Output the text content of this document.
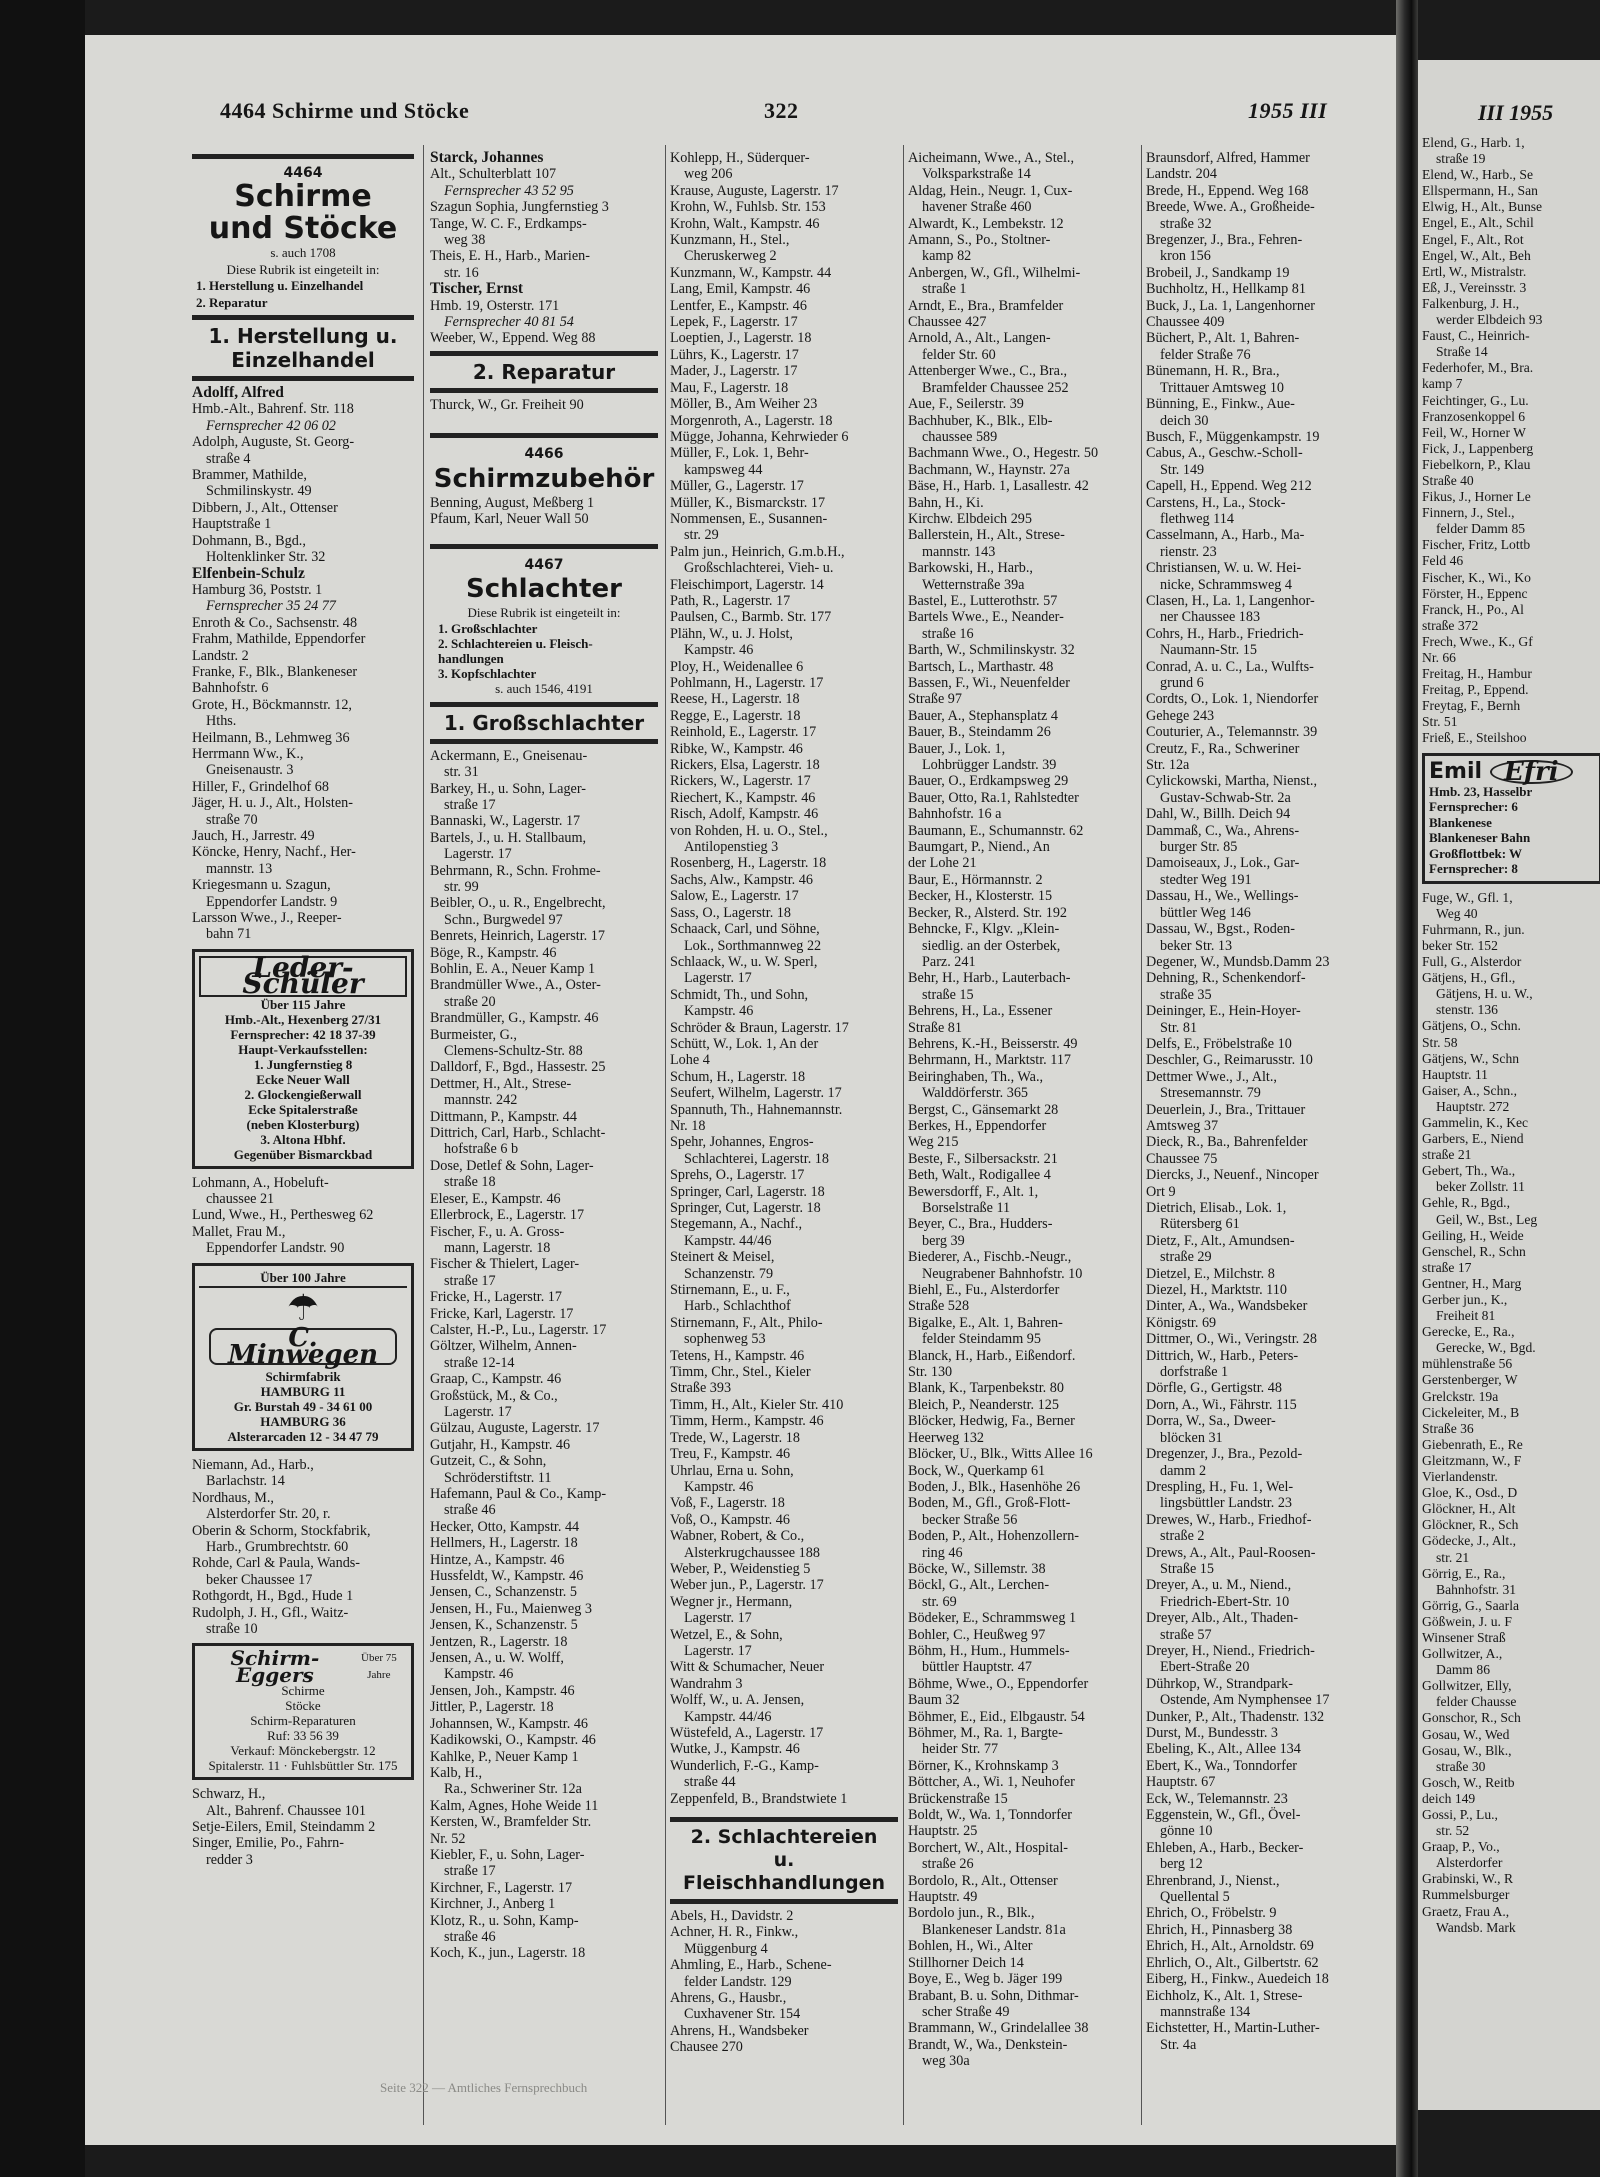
III 1955
Elend, G., Harb. 1,
straße 19
Elend, W., Harb., Se
Ellspermann, H., San
Elwig, H., Alt., Bunse
Engel, E., Alt., Schil
Engel, F., Alt., Rot
Engel, W., Alt., Beh
Ertl, W., Mistralstr.
Eß, J., Vereinsstr. 3
Falkenburg, J. H.,
werder Elbdeich 93
Faust, C., Heinrich-
Straße 14
Federhofer, M., Bra.
kamp 7
Feichtinger, G., Lu.
Franzosenkoppel 6
Feil, W., Horner W
Fick, J., Lappenberg
Fiebelkorn, P., Klau
Straße 40
Fikus, J., Horner Le
Finnern, J., Stel.,
felder Damm 85
Fischer, Fritz, Lottb
Feld 46
Fischer, K., Wi., Ko
Förster, H., Eppenc
Franck, H., Po., Al
straße 372
Frech, Wwe., K., Gf
Nr. 66
Freitag, H., Hambur
Freitag, P., Eppend.
Freytag, F., Bernh
Str. 51
Frieß, E., Steilshoo
Emil Efri
Hmb. 23, Hasselbr
Fernsprecher: 6
Blankenese
Blankeneser Bahn
Großflottbek: W
Fernsprecher: 8
Fuge, W., Gfl. 1,
Weg 40
Fuhrmann, R., jun.
beker Str. 152
Full, G., Alsterdor
Gätjens, H., Gfl.,
Gätjens, H. u. W.,
stenstr. 136
Gätjens, O., Schn.
Str. 58
Gätjens, W., Schn
Hauptstr. 11
Gaiser, A., Schn.,
Hauptstr. 272
Gammelin, K., Kec
Garbers, E., Niend
straße 21
Gebert, Th., Wa.,
beker Zollstr. 11
Gehle, R., Bgd.,
Geil, W., Bst., Leg
Geiling, H., Weide
Genschel, R., Schn
straße 17
Gentner, H., Marg
Gerber jun., K.,
Freiheit 81
Gerecke, E., Ra.,
Gerecke, W., Bgd.
mühlenstraße 56
Gerstenberger, W
Grelckstr. 19a
Cickeleiter, M., B
Straße 36
Giebenrath, E., Re
Gleitzmann, W., F
Vierlandenstr.
Gloe, K., Osd., D
Glöckner, H., Alt
Glöckner, R., Sch
Gödecke, J., Alt.,
str. 21
Görrig, E., Ra.,
Bahnhofstr. 31
Görrig, G., Saarla
Gößwein, J. u. F
Winsener Straß
Gollwitzer, A.,
Damm 86
Gollwitzer, Elly,
felder Chausse
Gonschor, R., Sch
Gosau, W., Wed
Gosau, W., Blk.,
straße 30
Gosch, W., Reitb
deich 149
Gossi, P., Lu.,
str. 52
Graap, P., Vo.,
Alsterdorfer
Grabinski, W., R
Rummelsburger
Graetz, Frau A.,
Wandsb. Mark
4464 Schirme und Stöcke	322	1955 III
4464
Schirme
und Stöcke
s. auch 1708
Diese Rubrik ist eingeteilt in:
1. Herstellung u. Einzelhandel
2. Reparatur
1. Herstellung u. Einzelhandel
Adolff, Alfred
Hmb.-Alt., Bahrenf. Str. 118
Fernsprecher 42 06 02
Adolph, Auguste, St. Georg-
straße 4
Brammer, Mathilde,
Schmilinskystr. 49
Dibbern, J., Alt., Ottenser
Hauptstraße 1
Dohmann, B., Bgd.,
Holtenklinker Str. 32
Elfenbein-Schulz
Hamburg 36, Poststr. 1
Fernsprecher 35 24 77
Enroth & Co., Sachsenstr. 48
Frahm, Mathilde, Eppendorfer
Landstr. 2
Franke, F., Blk., Blankeneser
Bahnhofstr. 6
Grote, H., Böckmannstr. 12,
Hths.
Heilmann, B., Lehmweg 36
Herrmann Ww., K.,
Gneisenaustr. 3
Hiller, F., Grindelhof 68
Jäger, H. u. J., Alt., Holsten-
straße 70
Jauch, H., Jarrestr. 49
Köncke, Henry, Nachf., Her-
mannstr. 13
Kriegesmann u. Szagun,
Eppendorfer Landstr. 9
Larsson Wwe., J., Reeper-
bahn 71
Leder-Schüler
Über 115 Jahre
Hmb.-Alt., Hexenberg 27/31
Fernsprecher: 42 18 37-39
Haupt-Verkaufsstellen:
1. Jungfernstieg 8
Ecke Neuer Wall
2. Glockengießerwall
Ecke Spitalerstraße
(neben Klosterburg)
3. Altona Hbhf.
Gegenüber Bismarckbad
Lohmann, A., Hobeluft-
chaussee 21
Lund, Wwe., H., Perthesweg 62
Mallet, Frau M.,
Eppendorfer Landstr. 90
Über 100 Jahre
☂
C. Minwegen
Schirmfabrik
HAMBURG 11
Gr. Burstah 49 - 34 61 00
HAMBURG 36
Alsterarcaden 12 - 34 47 79
Niemann, Ad., Harb.,
Barlachstr. 14
Nordhaus, M.,
Alsterdorfer Str. 20, r.
Oberin & Schorm, Stockfabrik,
Harb., Grumbrechtstr. 60
Rohde, Carl & Paula, Wands-
beker Chaussee 17
Rothgordt, H., Bgd., Hude 1
Rudolph, J. H., Gfl., Waitz-
straße 10
Schirm-Eggers
Über 75 Jahre
Schirme
Stöcke
Schirm-Reparaturen
Ruf: 33 56 39
Verkauf: Mönckebergstr. 12
Spitalerstr. 11 · Fuhlsbüttler Str. 175
Schwarz, H.,
Alt., Bahrenf. Chaussee 101
Setje-Eilers, Emil, Steindamm 2
Singer, Emilie, Po., Fahrn-
redder 3
Starck, Johannes
Alt., Schulterblatt 107
Fernsprecher 43 52 95
Szagun Sophia, Jungfernstieg 3
Tange, W. C. F., Erdkamps-
weg 38
Theis, E. H., Harb., Marien-
str. 16
Tischer, Ernst
Hmb. 19, Osterstr. 171
Fernsprecher 40 81 54
Weeber, W., Eppend. Weg 88
2. Reparatur
Thurck, W., Gr. Freiheit 90
4466
Schirmzubehör
Benning, August, Meßberg 1
Pfaum, Karl, Neuer Wall 50
4467
Schlachter
Diese Rubrik ist eingeteilt in:
1. Großschlachter
2. Schlachtereien u. Fleisch-
handlungen
3. Kopfschlachter
s. auch 1546, 4191
1. Großschlachter
Ackermann, E., Gneisenau-
str. 31
Barkey, H., u. Sohn, Lager-
straße 17
Bannaski, W., Lagerstr. 17
Bartels, J., u. H. Stallbaum,
Lagerstr. 17
Behrmann, R., Schn. Frohme-
str. 99
Beibler, O., u. R., Engelbrecht,
Schn., Burgwedel 97
Benrets, Heinrich, Lagerstr. 17
Böge, R., Kampstr. 46
Bohlin, E. A., Neuer Kamp 1
Brandmüller Wwe., A., Oster-
straße 20
Brandmüller, G., Kampstr. 46
Burmeister, G.,
Clemens-Schultz-Str. 88
Dalldorf, F., Bgd., Hassestr. 25
Dettmer, H., Alt., Strese-
mannstr. 242
Dittmann, P., Kampstr. 44
Dittrich, Carl, Harb., Schlacht-
hofstraße 6 b
Dose, Detlef & Sohn, Lager-
straße 18
Eleser, E., Kampstr. 46
Ellerbrock, E., Lagerstr. 17
Fischer, F., u. A. Gross-
mann, Lagerstr. 18
Fischer & Thielert, Lager-
straße 17
Fricke, H., Lagerstr. 17
Fricke, Karl, Lagerstr. 17
Calster, H.-P., Lu., Lagerstr. 17
Göltzer, Wilhelm, Annen-
straße 12-14
Graap, C., Kampstr. 46
Großstück, M., & Co.,
Lagerstr. 17
Gülzau, Auguste, Lagerstr. 17
Gutjahr, H., Kampstr. 46
Gutzeit, C., & Sohn,
Schröderstiftstr. 11
Hafemann, Paul & Co., Kamp-
straße 46
Hecker, Otto, Kampstr. 44
Hellmers, H., Lagerstr. 18
Hintze, A., Kampstr. 46
Hussfeldt, W., Kampstr. 46
Jensen, C., Schanzenstr. 5
Jensen, H., Fu., Maienweg 3
Jensen, K., Schanzenstr. 5
Jentzen, R., Lagerstr. 18
Jensen, A., u. W. Wolff,
Kampstr. 46
Jensen, Joh., Kampstr. 46
Jittler, P., Lagerstr. 18
Johannsen, W., Kampstr. 46
Kadikowski, O., Kampstr. 46
Kahlke, P., Neuer Kamp 1
Kalb, H.,
Ra., Schweriner Str. 12a
Kalm, Agnes, Hohe Weide 11
Kersten, W., Bramfelder Str.
Nr. 52
Kiebler, F., u. Sohn, Lager-
straße 17
Kirchner, F., Lagerstr. 17
Kirchner, J., Anberg 1
Klotz, R., u. Sohn, Kamp-
straße 46
Koch, K., jun., Lagerstr. 18
Kohlepp, H., Süderquer-
weg 206
Krause, Auguste, Lagerstr. 17
Krohn, W., Fuhlsb. Str. 153
Krohn, Walt., Kampstr. 46
Kunzmann, H., Stel.,
Cheruskerweg 2
Kunzmann, W., Kampstr. 44
Lang, Emil, Kampstr. 46
Lentfer, E., Kampstr. 46
Lepek, F., Lagerstr. 17
Loeptien, J., Lagerstr. 18
Lührs, K., Lagerstr. 17
Mader, J., Lagerstr. 17
Mau, F., Lagerstr. 18
Möller, B., Am Weiher 23
Morgenroth, A., Lagerstr. 18
Mügge, Johanna, Kehrwieder 6
Müller, F., Lok. 1, Behr-
kampsweg 44
Müller, G., Lagerstr. 17
Müller, K., Bismarckstr. 17
Nommensen, E., Susannen-
str. 29
Palm jun., Heinrich, G.m.b.H.,
Großschlachterei, Vieh- u.
Fleischimport, Lagerstr. 14
Path, R., Lagerstr. 17
Paulsen, C., Barmb. Str. 177
Plähn, W., u. J. Holst,
Kampstr. 46
Ploy, H., Weidenallee 6
Pohlmann, H., Lagerstr. 17
Reese, H., Lagerstr. 18
Regge, E., Lagerstr. 18
Reinhold, E., Lagerstr. 17
Ribke, W., Kampstr. 46
Rickers, Elsa, Lagerstr. 18
Rickers, W., Lagerstr. 17
Riechert, K., Kampstr. 46
Risch, Adolf, Kampstr. 46
von Rohden, H. u. O., Stel.,
Antilopenstieg 3
Rosenberg, H., Lagerstr. 18
Sachs, Alw., Kampstr. 46
Salow, E., Lagerstr. 17
Sass, O., Lagerstr. 18
Schaack, Carl, und Söhne,
Lok., Sorthmannweg 22
Schlaack, W., u. W. Sperl,
Lagerstr. 17
Schmidt, Th., und Sohn,
Kampstr. 46
Schröder & Braun, Lagerstr. 17
Schütt, W., Lok. 1, An der
Lohe 4
Schum, H., Lagerstr. 18
Seufert, Wilhelm, Lagerstr. 17
Spannuth, Th., Hahnemannstr.
Nr. 18
Spehr, Johannes, Engros-
Schlachterei, Lagerstr. 18
Sprehs, O., Lagerstr. 17
Springer, Carl, Lagerstr. 18
Springer, Cut, Lagerstr. 18
Stegemann, A., Nachf.,
Kampstr. 44/46
Steinert & Meisel,
Schanzenstr. 79
Stirnemann, E., u. F.,
Harb., Schlachthof
Stirnemann, F., Alt., Philo-
sophenweg 53
Tetens, H., Kampstr. 46
Timm, Chr., Stel., Kieler
Straße 393
Timm, H., Alt., Kieler Str. 410
Timm, Herm., Kampstr. 46
Trede, W., Lagerstr. 18
Treu, F., Kampstr. 46
Uhrlau, Erna u. Sohn,
Kampstr. 46
Voß, F., Lagerstr. 18
Voß, O., Kampstr. 46
Wabner, Robert, & Co.,
Alsterkrugchaussee 188
Weber, P., Weidenstieg 5
Weber jun., P., Lagerstr. 17
Wegner jr., Hermann,
Lagerstr. 17
Wetzel, E., & Sohn,
Lagerstr. 17
Witt & Schumacher, Neuer
Wandrahm 3
Wolff, W., u. A. Jensen,
Kampstr. 44/46
Wüstefeld, A., Lagerstr. 17
Wutke, J., Kampstr. 46
Wunderlich, F.-G., Kamp-
straße 44
Zeppenfeld, B., Brandstwiete 1
2. Schlachtereien
u. Fleischhandlungen
Abels, H., Davidstr. 2
Achner, H. R., Finkw.,
Müggenburg 4
Ahmling, E., Harb., Schene-
felder Landstr. 129
Ahrens, G., Hausbr.,
Cuxhavener Str. 154
Ahrens, H., Wandsbeker
Chausee 270
Aicheimann, Wwe., A., Stel.,
Volksparkstraße 14
Aldag, Hein., Neugr. 1, Cux-
havener Straße 460
Alwardt, K., Lembekstr. 12
Amann, S., Po., Stoltner-
kamp 82
Anbergen, W., Gfl., Wilhelmi-
straße 1
Arndt, E., Bra., Bramfelder
Chaussee 427
Arnold, A., Alt., Langen-
felder Str. 60
Attenberger Wwe., C., Bra.,
Bramfelder Chaussee 252
Aue, F., Seilerstr. 39
Bachhuber, K., Blk., Elb-
chaussee 589
Bachmann Wwe., O., Hegestr. 50
Bachmann, W., Haynstr. 27a
Bäse, H., Harb. 1, Lasallestr. 42
Bahn, H., Ki.
Kirchw. Elbdeich 295
Ballerstein, H., Alt., Strese-
mannstr. 143
Barkowski, H., Harb.,
Wetternstraße 39a
Bastel, E., Lutterothstr. 57
Bartels Wwe., E., Neander-
straße 16
Barth, W., Schmilinskystr. 32
Bartsch, L., Marthastr. 48
Bassen, F., Wi., Neuenfelder
Straße 97
Bauer, A., Stephansplatz 4
Bauer, B., Steindamm 26
Bauer, J., Lok. 1,
Lohbrügger Landstr. 39
Bauer, O., Erdkampsweg 29
Bauer, Otto, Ra.1, Rahlstedter
Bahnhofstr. 16 a
Baumann, E., Schumannstr. 62
Baumgart, P., Niend., An
der Lohe 21
Baur, E., Hörmannstr. 2
Becker, H., Klosterstr. 15
Becker, R., Alsterd. Str. 192
Behncke, F., Klgv. „Klein-
siedlig. an der Osterbek,
Parz. 241
Behr, H., Harb., Lauterbach-
straße 15
Behrens, H., La., Essener
Straße 81
Behrens, K.-H., Beisserstr. 49
Behrmann, H., Marktstr. 117
Beiringhaben, Th., Wa.,
Walddörferstr. 365
Bergst, C., Gänsemarkt 28
Berkes, H., Eppendorfer
Weg 215
Beste, F., Silbersackstr. 21
Beth, Walt., Rodigallee 4
Bewersdorff, F., Alt. 1,
Borselstraße 11
Beyer, C., Bra., Hudders-
berg 39
Biederer, A., Fischb.-Neugr.,
Neugrabener Bahnhofstr. 10
Biehl, E., Fu., Alsterdorfer
Straße 528
Bigalke, E., Alt. 1, Bahren-
felder Steindamm 95
Blanck, H., Harb., Eißendorf.
Str. 130
Blank, K., Tarpenbekstr. 80
Bleich, P., Neanderstr. 125
Blöcker, Hedwig, Fa., Berner
Heerweg 132
Blöcker, U., Blk., Witts Allee 16
Bock, W., Querkamp 61
Boden, J., Blk., Hasenhöhe 26
Boden, M., Gfl., Groß-Flott-
becker Straße 56
Boden, P., Alt., Hohenzollern-
ring 46
Böcke, W., Sillemstr. 38
Böckl, G., Alt., Lerchen-
str. 69
Bödeker, E., Schrammsweg 1
Bohler, C., Heußweg 97
Böhm, H., Hum., Hummels-
büttler Hauptstr. 47
Böhme, Wwe., O., Eppendorfer
Baum 32
Böhmer, E., Eid., Elbgaustr. 54
Böhmer, M., Ra. 1, Bargte-
heider Str. 77
Börner, K., Krohnskamp 3
Böttcher, A., Wi. 1, Neuhofer
Brückenstraße 15
Boldt, W., Wa. 1, Tonndorfer
Hauptstr. 25
Borchert, W., Alt., Hospital-
straße 26
Bordolo, R., Alt., Ottenser
Hauptstr. 49
Bordolo jun., R., Blk.,
Blankeneser Landstr. 81a
Bohlen, H., Wi., Alter
Stillhorner Deich 14
Boye, E., Weg b. Jäger 199
Brabant, B. u. Sohn, Dithmar-
scher Straße 49
Brammann, W., Grindelallee 38
Brandt, W., Wa., Denkstein-
weg 30a
Braunsdorf, Alfred, Hammer
Landstr. 204
Brede, H., Eppend. Weg 168
Breede, Wwe. A., Großheide-
straße 32
Bregenzer, J., Bra., Fehren-
kron 156
Brobeil, J., Sandkamp 19
Buchholtz, H., Hellkamp 81
Buck, J., La. 1, Langenhorner
Chaussee 409
Büchert, P., Alt. 1, Bahren-
felder Straße 76
Bünemann, H. R., Bra.,
Trittauer Amtsweg 10
Bünning, E., Finkw., Aue-
deich 30
Busch, F., Müggenkampstr. 19
Cabus, A., Geschw.-Scholl-
Str. 149
Capell, H., Eppend. Weg 212
Carstens, H., La., Stock-
flethweg 114
Casselmann, A., Harb., Ma-
rienstr. 23
Christiansen, W. u. W. Hei-
nicke, Schrammsweg 4
Clasen, H., La. 1, Langenhor-
ner Chaussee 183
Cohrs, H., Harb., Friedrich-
Naumann-Str. 15
Conrad, A. u. C., La., Wulfts-
grund 6
Cordts, O., Lok. 1, Niendorfer
Gehege 243
Couturier, A., Telemannstr. 39
Creutz, F., Ra., Schweriner
Str. 12a
Cylickowski, Martha, Nienst.,
Gustav-Schwab-Str. 2a
Dahl, W., Billh. Deich 94
Dammaß, C., Wa., Ahrens-
burger Str. 85
Damoiseaux, J., Lok., Gar-
stedter Weg 191
Dassau, H., We., Wellings-
büttler Weg 146
Dassau, W., Bgst., Roden-
beker Str. 13
Degener, W., Mundsb.Damm 23
Dehning, R., Schenkendorf-
straße 35
Deininger, E., Hein-Hoyer-
Str. 81
Delfs, E., Fröbelstraße 10
Deschler, G., Reimarusstr. 10
Dettmer Wwe., J., Alt.,
Stresemannstr. 79
Deuerlein, J., Bra., Trittauer
Amtsweg 37
Dieck, R., Ba., Bahrenfelder
Chaussee 75
Diercks, J., Neuenf., Nincoper
Ort 9
Dietrich, Elisab., Lok. 1,
Rütersberg 61
Dietz, F., Alt., Amundsen-
straße 29
Dietzel, E., Milchstr. 8
Diezel, H., Marktstr. 110
Dinter, A., Wa., Wandsbeker
Königstr. 69
Dittmer, O., Wi., Veringstr. 28
Dittrich, W., Harb., Peters-
dorfstraße 1
Dörfle, G., Gertigstr. 48
Dorn, A., Wi., Fährstr. 115
Dorra, W., Sa., Dweer-
blöcken 31
Dregenzer, J., Bra., Pezold-
damm 2
Drespling, H., Fu. 1, Wel-
lingsbüttler Landstr. 23
Drewes, W., Harb., Friedhof-
straße 2
Drews, A., Alt., Paul-Roosen-
Straße 15
Dreyer, A., u. M., Niend.,
Friedrich-Ebert-Str. 10
Dreyer, Alb., Alt., Thaden-
straße 57
Dreyer, H., Niend., Friedrich-
Ebert-Straße 20
Dührkop, W., Strandpark-
Ostende, Am Nymphensee 17
Dunker, P., Alt., Thadenstr. 132
Durst, M., Bundesstr. 3
Ebeling, K., Alt., Allee 134
Ebert, K., Wa., Tonndorfer
Hauptstr. 67
Eck, W., Telemannstr. 23
Eggenstein, W., Gfl., Övel-
gönne 10
Ehleben, A., Harb., Becker-
berg 12
Ehrenbrand, J., Nienst.,
Quellental 5
Ehrich, O., Fröbelstr. 9
Ehrich, H., Pinnasberg 38
Ehrich, H., Alt., Arnoldstr. 69
Ehrlich, O., Alt., Gilbertstr. 62
Eiberg, H., Finkw., Auedeich 18
Eichholz, K., Alt. 1, Strese-
mannstraße 134
Eichstetter, H., Martin-Luther-
Str. 4a
Seite 322 — Amtliches Fernsprechbuch
